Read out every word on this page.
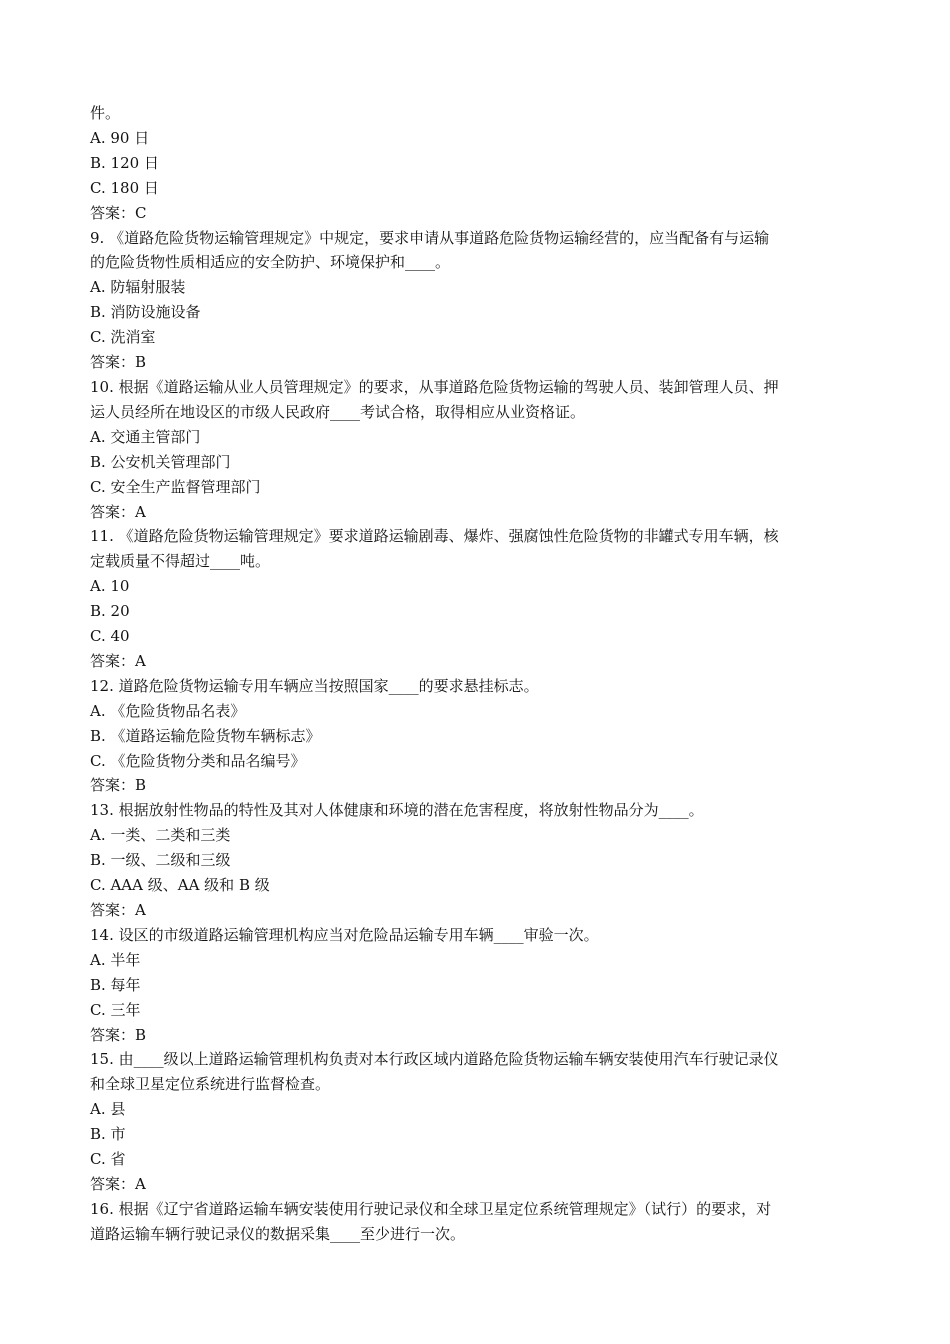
件。
A. 90 日
B. 120 日
C. 180 日
答案：C
9. 《道路危险货物运输管理规定》中规定，要求申请从事道路危险货物运输经营的，应当配备有与运输
的危险货物性质相适应的安全防护、环境保护和____。
A. 防辐射服装
B. 消防设施设备
C. 洗消室
答案：B
10. 根据《道路运输从业人员管理规定》的要求，从事道路危险货物运输的驾驶人员、装卸管理人员、押
运人员经所在地设区的市级人民政府____考试合格，取得相应从业资格证。
A. 交通主管部门
B. 公安机关管理部门
C. 安全生产监督管理部门
答案：A
11. 《道路危险货物运输管理规定》要求道路运输剧毒、爆炸、强腐蚀性危险货物的非罐式专用车辆，核
定载质量不得超过____吨。
A. 10
B. 20
C. 40
答案：A
12. 道路危险货物运输专用车辆应当按照国家____的要求悬挂标志。
A. 《危险货物品名表》
B. 《道路运输危险货物车辆标志》
C. 《危险货物分类和品名编号》
答案：B
13. 根据放射性物品的特性及其对人体健康和环境的潜在危害程度，将放射性物品分为____。
A. 一类、二类和三类
B. 一级、二级和三级
C. AAA 级、AA 级和 B 级
答案：A
14. 设区的市级道路运输管理机构应当对危险品运输专用车辆____审验一次。
A. 半年
B. 每年
C. 三年
答案：B
15. 由____级以上道路运输管理机构负责对本行政区域内道路危险货物运输车辆安装使用汽车行驶记录仪
和全球卫星定位系统进行监督检查。
A. 县
B. 市
C. 省
答案：A
16. 根据《辽宁省道路运输车辆安装使用行驶记录仪和全球卫星定位系统管理规定》（试行）的要求，对
道路运输车辆行驶记录仪的数据采集____至少进行一次。
